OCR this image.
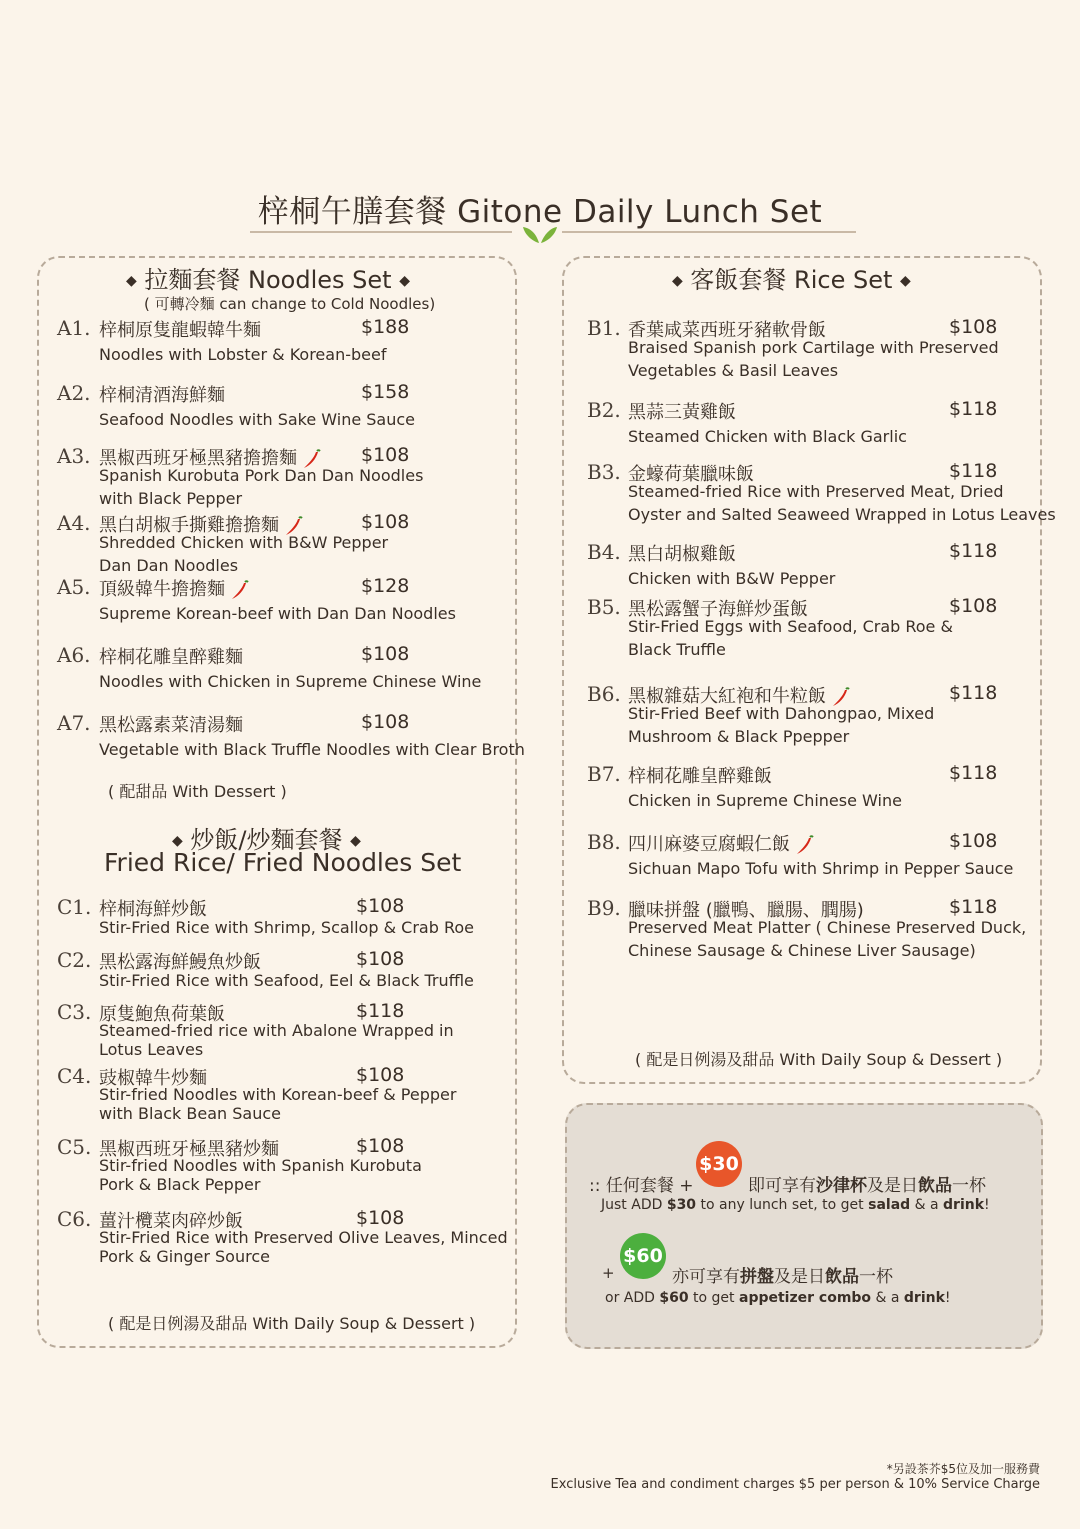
梓桐午膳套餐 Gitone Daily Lunch Set
◆ 拉麵套餐 Noodles Set ◆
( 可轉冷麵 can change to Cold Noodles)
A1. 梓桐原隻龍蝦韓牛麵	$188
Noodles with Lobster & Korean-beef
A2. 梓桐清酒海鮮麵	$158
Seafood Noodles with Sake Wine Sauce
A3. 黑椒西班牙極黑豬擔擔麵	$108
Spanish Kurobuta Pork Dan Dan Noodles
with Black Pepper
A4. 黑白胡椒手撕雞擔擔麵	$108
Shredded Chicken with B&W Pepper
Dan Dan Noodles
A5. 頂級韓牛擔擔麵	$128
Supreme Korean-beef with Dan Dan Noodles
A6. 梓桐花雕皇醉雞麵	$108
Noodles with Chicken in Supreme Chinese Wine
A7. 黑松露素菜清湯麵	$108
Vegetable with Black Truffle Noodles with Clear Broth
( 配甜品 With Dessert )
◆ 炒飯/炒麵套餐 ◆
Fried Rice/ Fried Noodles Set
C1. 梓桐海鮮炒飯	$108
Stir-Fried Rice with Shrimp, Scallop & Crab Roe
C2. 黑松露海鮮鰻魚炒飯	$108
Stir-Fried Rice with Seafood, Eel & Black Truffle
C3. 原隻鮑魚荷葉飯	$118
Steamed-fried rice with Abalone Wrapped in
Lotus Leaves
C4. 豉椒韓牛炒麵	$108
Stir-fried Noodles with Korean-beef & Pepper
with Black Bean Sauce
C5. 黑椒西班牙極黑豬炒麵	$108
Stir-fried Noodles with Spanish Kurobuta
Pork & Black Pepper
C6. 薑汁欖菜肉碎炒飯	$108
Stir-Fried Rice with Preserved Olive Leaves, Minced
Pork & Ginger Source
( 配是日例湯及甜品 With Daily Soup & Dessert )
◆ 客飯套餐 Rice Set ◆
B1. 香葉咸菜西班牙豬軟骨飯	$108
Braised Spanish pork Cartilage with Preserved
Vegetables & Basil Leaves
B2. 黑蒜三黃雞飯	$118
Steamed Chicken with Black Garlic
B3. 金蠔荷葉臘味飯	$118
Steamed-fried Rice with Preserved Meat, Dried
Oyster and Salted Seaweed Wrapped in Lotus Leaves
B4. 黑白胡椒雞飯	$118
Chicken with B&W Pepper
B5. 黑松露蟹子海鮮炒蛋飯	$108
Stir-Fried Eggs with Seafood, Crab Roe &
Black Truffle
B6. 黑椒雜菇大紅袍和牛粒飯	$118
Stir-Fried Beef with Dahongpao, Mixed
Mushroom & Black Ppepper
B7. 梓桐花雕皇醉雞飯	$118
Chicken in Supreme Chinese Wine
B8. 四川麻婆豆腐蝦仁飯	$108
Sichuan Mapo Tofu with Shrimp in Pepper Sauce
B9. 臘味拼盤 (臘鴨、臘腸、膶腸)	$118
Preserved Meat Platter ( Chinese Preserved Duck,
Chinese Sausage & Chinese Liver Sausage)
( 配是日例湯及甜品 With Daily Soup & Dessert )
:: 任何套餐 +
$30
即可享有沙律杯及是日飲品一杯
Just ADD $30 to any lunch set, to get salad & a drink!
+
$60
亦可享有拼盤及是日飲品一杯
or ADD $60 to get appetizer combo & a drink!
*另設茶芥$5位及加一服務費
Exclusive Tea and condiment charges $5 per person & 10% Service Charge
